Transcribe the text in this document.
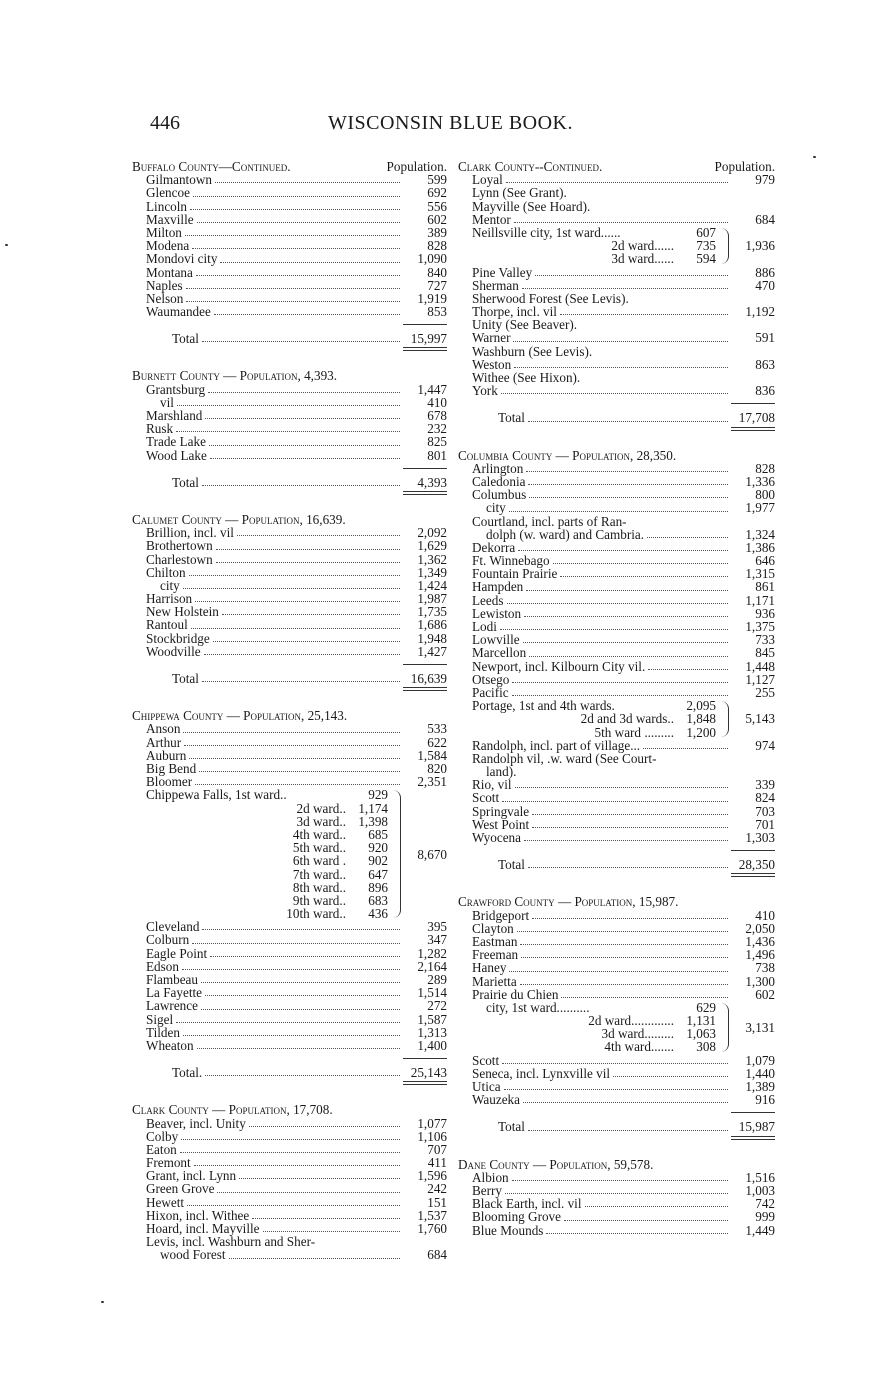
446	WISCONSIN BLUE BOOK.
Buffalo County—Continued.	Population.
Gilmantown	599
Glencoe	692
Lincoln	556
Maxville	602
Milton	389
Modena	828
Mondovi city	1,090
Montana	840
Naples	727
Nelson	1,919
Waumandee	853
Total	15,997
Burnett County — Population, 4,393.
Grantsburg	1,447
vil	410
Marshland	678
Rusk	232
Trade Lake	825
Wood Lake	801
Total	4,393
Calumet County — Population, 16,639.
Brillion, incl. vil	2,092
Brothertown	1,629
Charlestown	1,362
Chilton	1,349
city	1,424
Harrison	1,987
New Holstein	1,735
Rantoul	1,686
Stockbridge	1,948
Woodville	1,427
Total	16,639
Chippewa County — Population, 25,143.
Anson	533
Arthur	622
Auburn	1,584
Big Bend	820
Bloomer	2,351
Chippewa Falls, 1st ward..	929
2d ward.. 1,174
3d ward.. 1,398
4th ward..	685
5th ward..	920
6th ward .	902
7th ward..	647
8th ward..	896
9th ward..	683
10th ward..	436
8,670
Cleveland	395
Colburn	347
Eagle Point	1,282
Edson	2,164
Flambeau	289
La Fayette	1,514
Lawrence	272
Sigel	1,587
Tilden	1,313
Wheaton	1,400
Total.	25,143
Clark County — Population, 17,708.
Beaver, incl. Unity	1,077
Colby	1,106
Eaton	707
Fremont	411
Grant, incl. Lynn	1,596
Green Grove	242
Hewett	151
Hixon, incl. Withee	1,537
Hoard, incl. Mayville	1,760
Levis, incl. Washburn and Sher-
wood Forest	684
Clark County--Continued.	Population.
Loyal	979
Lynn (See Grant).
Mayville (See Hoard).
Mentor	684
Neillsville city, 1st ward......	607
2d ward......	735
3d ward......	594
1,936
Pine Valley	886
Sherman	470
Sherwood Forest (See Levis).
Thorpe, incl. vil	1,192
Unity (See Beaver).
Warner	591
Washburn (See Levis).
Weston	863
Withee (See Hixon).
York	836
Total	17,708
Columbia County — Population, 28,350.
Arlington	828
Caledonia	1,336
Columbus	800
city	1,977
Courtland, incl. parts of Ran-
dolph (w. ward) and Cambria.	1,324
Dekorra	1,386
Ft. Winnebago	646
Fountain Prairie	1,315
Hampden	861
Leeds	1,171
Lewiston	936
Lodi	1,375
Lowville	733
Marcellon	845
Newport, incl. Kilbourn City vil.	1,448
Otsego	1,127
Pacific	255
Portage, 1st and 4th wards.	2,095
2d and 3d wards.. 1,848
5th ward ......... 1,200
5,143
Randolph, incl. part of village...	974
Randolph vil, .w. ward (See Court-
land).
Rio, vil	339
Scott	824
Springvale	703
West Point	701
Wyocena	1,303
Total	28,350
Crawford County — Population, 15,987.
Bridgeport	410
Clayton	2,050
Eastman	1,436
Freeman	1,496
Haney	738
Marietta	1,300
Prairie du Chien	602
city, 1st ward..........	629
2d ward............. 1,131
3d ward......... 1,063
4th ward.......	308
3,131
Scott	1,079
Seneca, incl. Lynxville vil	1,440
Utica	1,389
Wauzeka	916
Total	15,987
Dane County — Population, 59,578.
Albion	1,516
Berry	1,003
Black Earth, incl. vil	742
Blooming Grove	999
Blue Mounds	1,449
